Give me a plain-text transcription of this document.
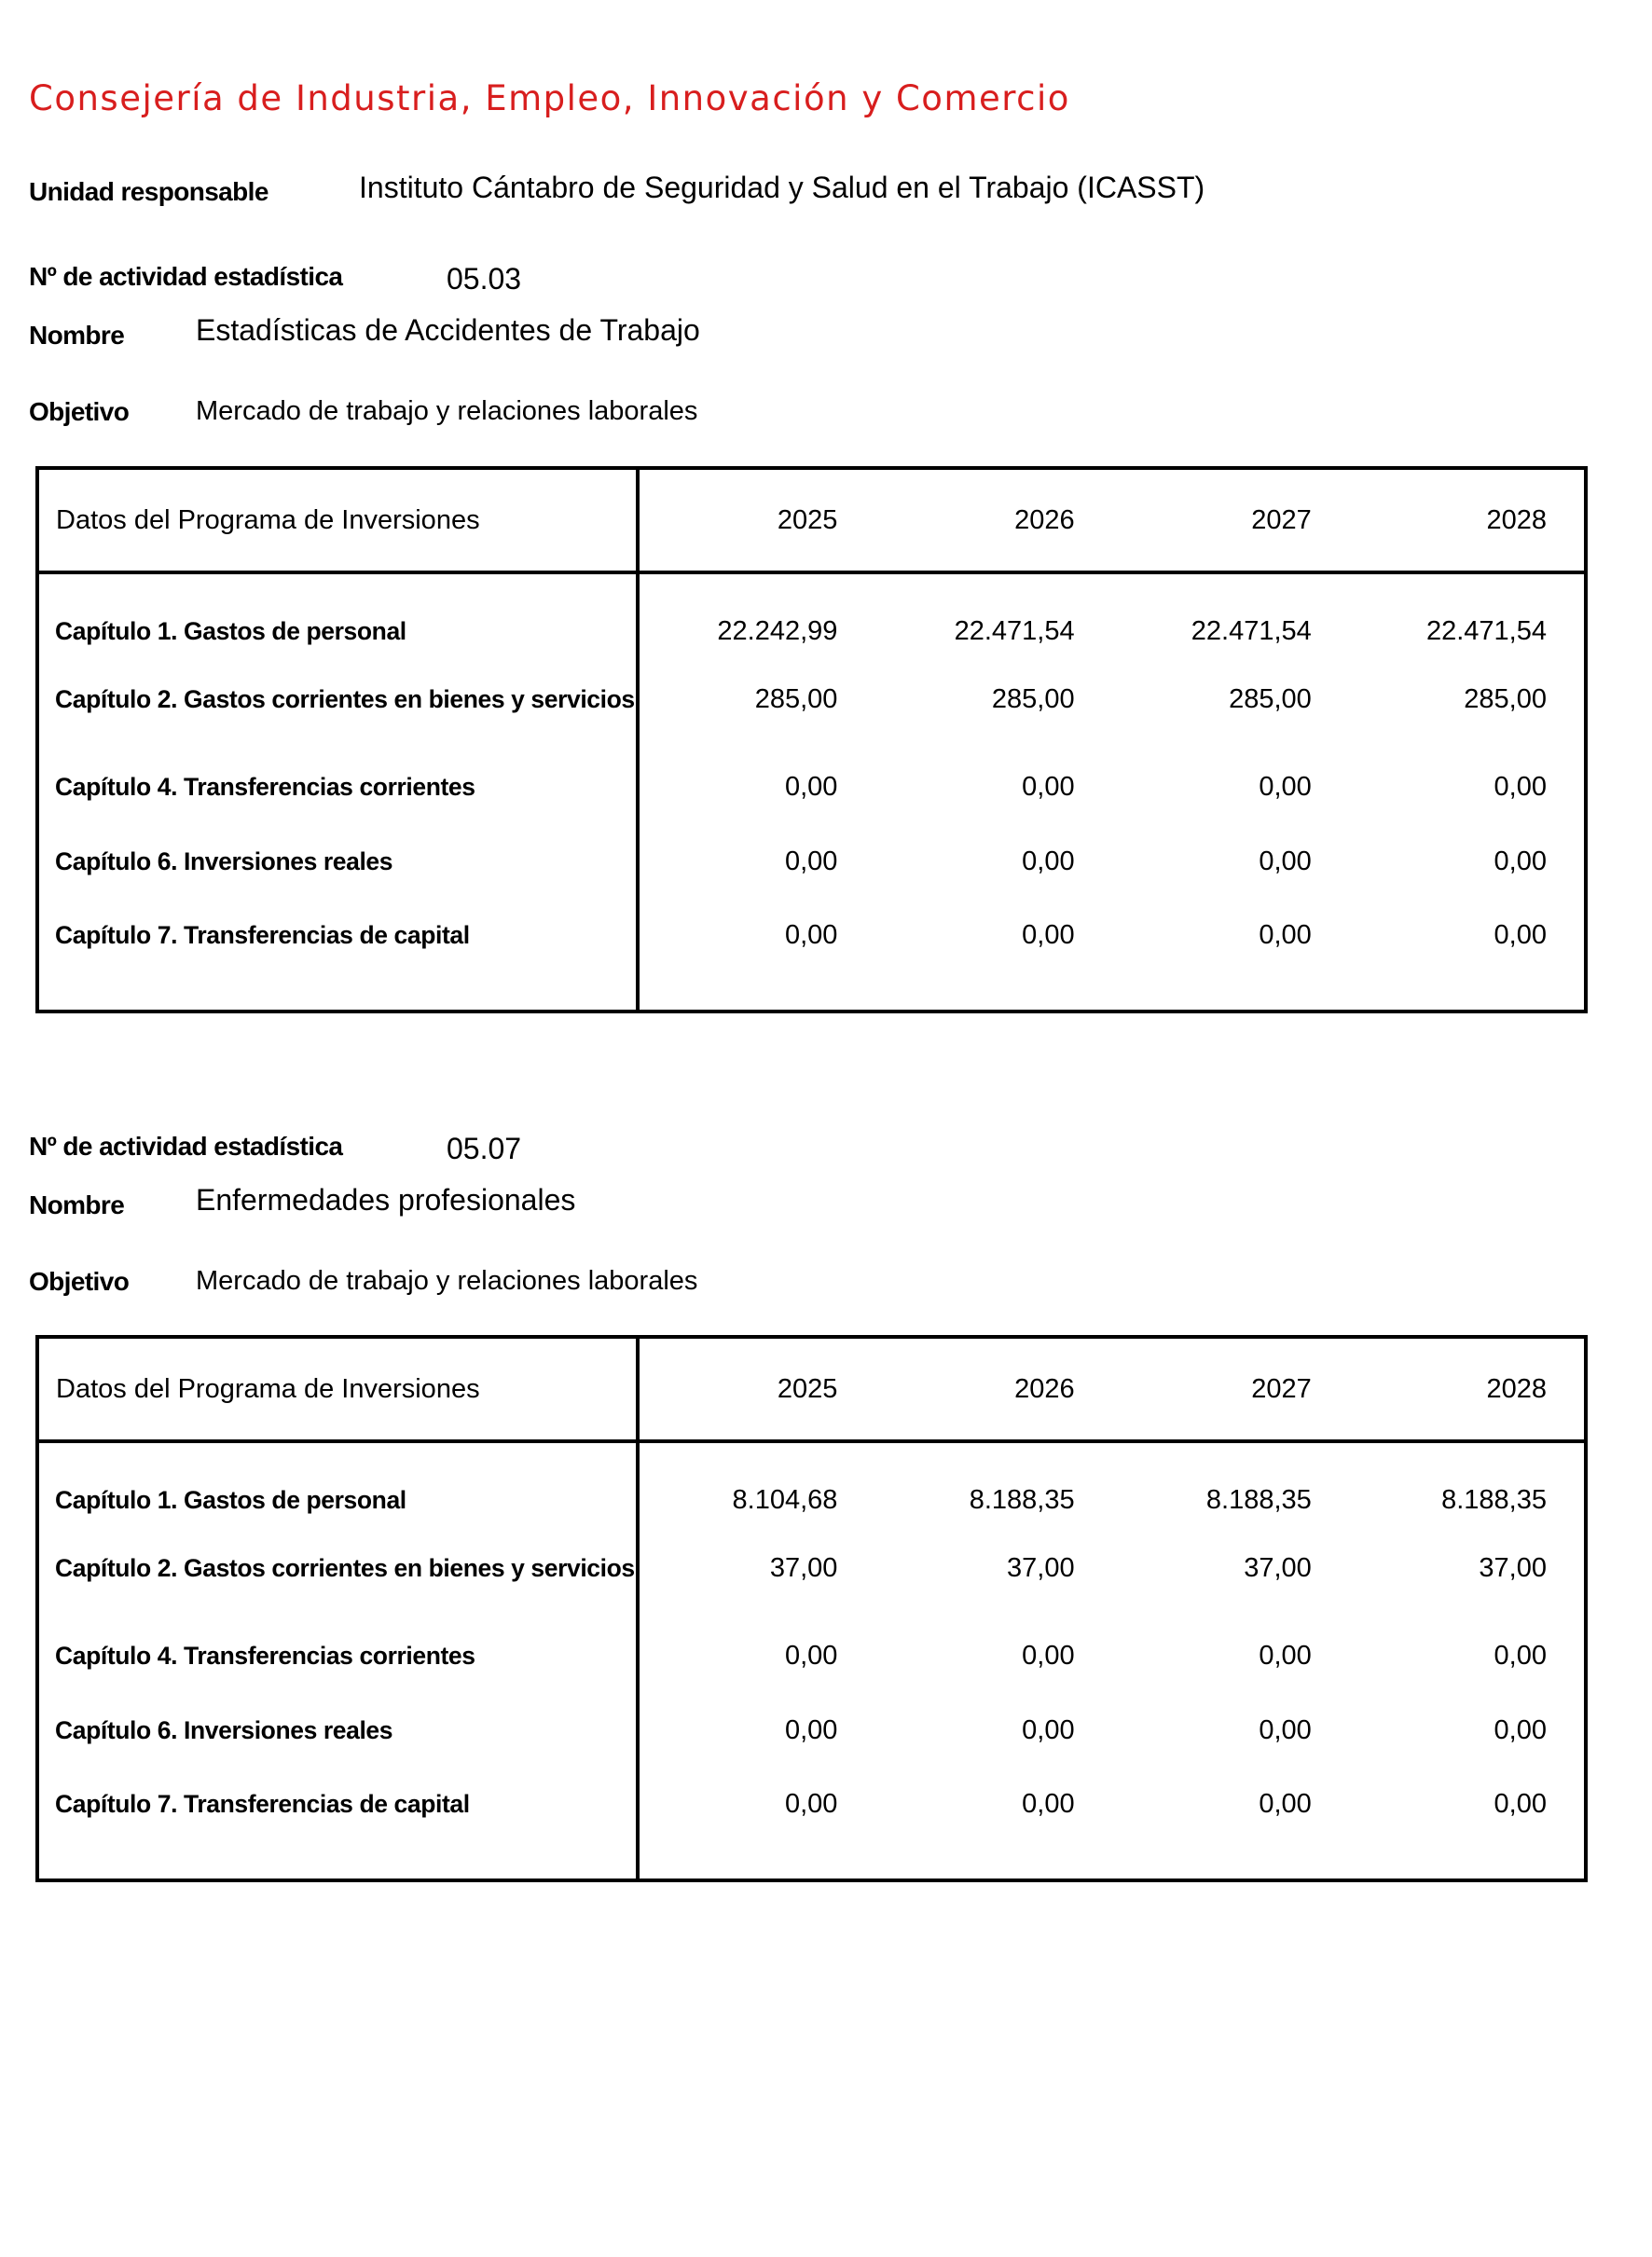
Consejería de Industria, Empleo, Innovación y Comercio
Unidad responsable	Instituto Cántabro de Seguridad y Salud en el Trabajo (ICASST)
Nº de actividad estadística	05.03
Nombre Estadísticas de Accidentes de Trabajo
Objetivo Mercado de trabajo y relaciones laborales
Datos del Programa de Inversiones	2025	2026	2027	2028
Capítulo 1. Gastos de personal	22.242,99	22.471,54	22.471,54	22.471,54
Capítulo 2. Gastos corrientes en bienes y servicios	285,00	285,00	285,00	285,00
Capítulo 4. Transferencias corrientes	0,00	0,00	0,00	0,00
Capítulo 6. Inversiones reales	0,00	0,00	0,00	0,00
Capítulo 7. Transferencias de capital	0,00	0,00	0,00	0,00
Nº de actividad estadística	05.07
Nombre Enfermedades profesionales
Objetivo Mercado de trabajo y relaciones laborales
Datos del Programa de Inversiones	2025	2026	2027	2028
Capítulo 1. Gastos de personal	8.104,68	8.188,35	8.188,35	8.188,35
Capítulo 2. Gastos corrientes en bienes y servicios	37,00	37,00	37,00	37,00
Capítulo 4. Transferencias corrientes	0,00	0,00	0,00	0,00
Capítulo 6. Inversiones reales	0,00	0,00	0,00	0,00
Capítulo 7. Transferencias de capital	0,00	0,00	0,00	0,00
